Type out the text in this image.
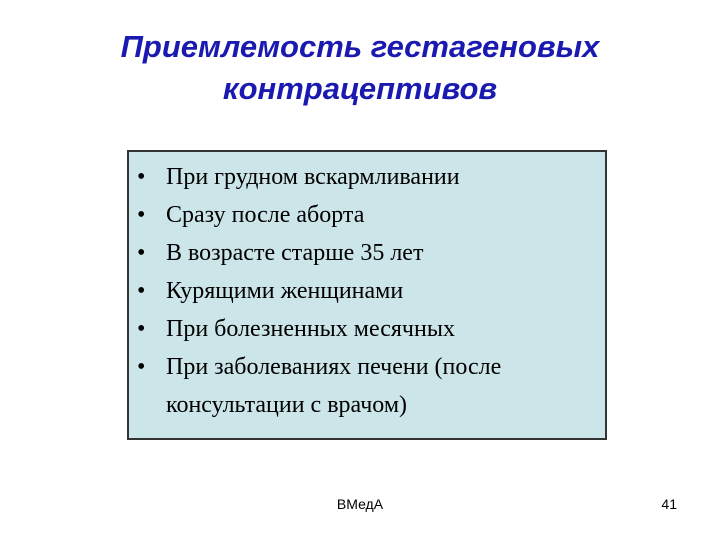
Приемлемость гестагеновых
контрацептивов
• При грудном вскармливании
• Сразу после аборта
• В возрасте старше 35 лет
• Курящими женщинами
• При болезненных месячных
• При заболеваниях печени (после консультации с врачом)
ВМедА	41
